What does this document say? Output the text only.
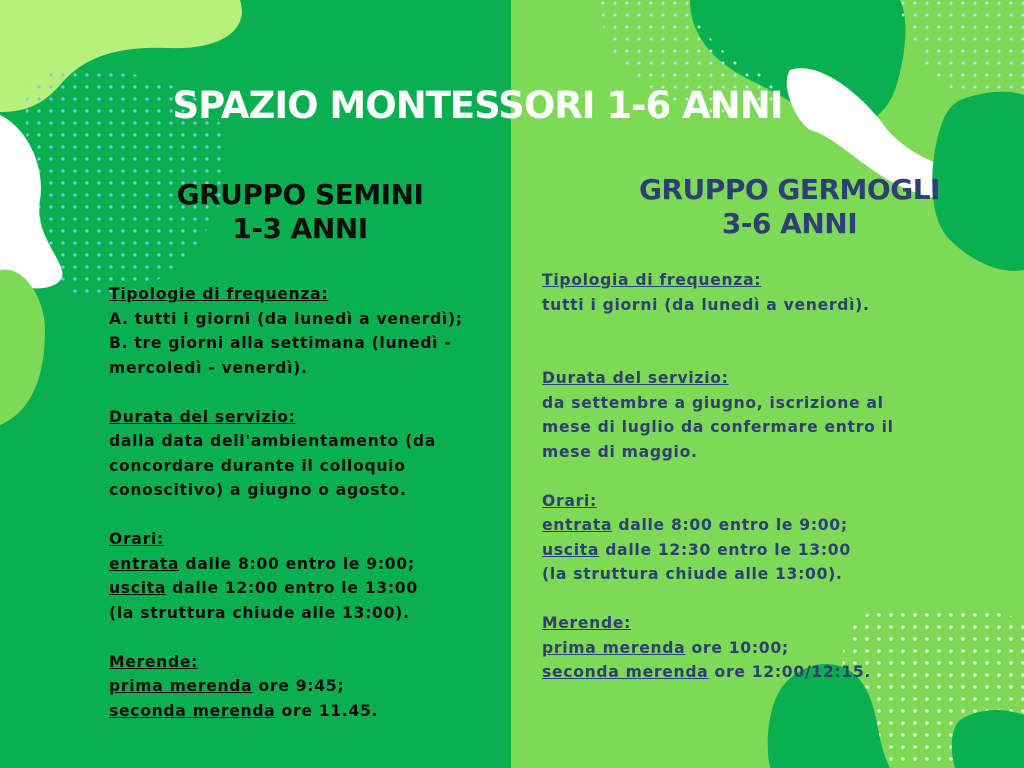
SPAZIO MONTESSORI 1-6 ANNI
GRUPPO SEMINI
1-3 ANNI
GRUPPO GERMOGLI
3-6 ANNI
Tipologie di frequenza:
A. tutti i giorni (da lunedì a venerdì);
B. tre giorni alla settimana (lunedì -
mercoledì - venerdì).
Durata del servizio:
dalla data dell'ambientamento (da
concordare durante il colloquio
conoscitivo) a giugno o agosto.
Orari:
entrata dalle 8:00 entro le 9:00;
uscita dalle 12:00 entro le 13:00
(la struttura chiude alle 13:00).
Merende:
prima merenda ore 9:45;
seconda merenda ore 11.45.
Tipologia di frequenza:
tutti i giorni (da lunedì a venerdì).
Durata del servizio:
da settembre a giugno, iscrizione al
mese di luglio da confermare entro il
mese di maggio.
Orari:
entrata dalle 8:00 entro le 9:00;
uscita dalle 12:30 entro le 13:00
(la struttura chiude alle 13:00).
Merende:
prima merenda ore 10:00;
seconda merenda ore 12:00/12:15.
